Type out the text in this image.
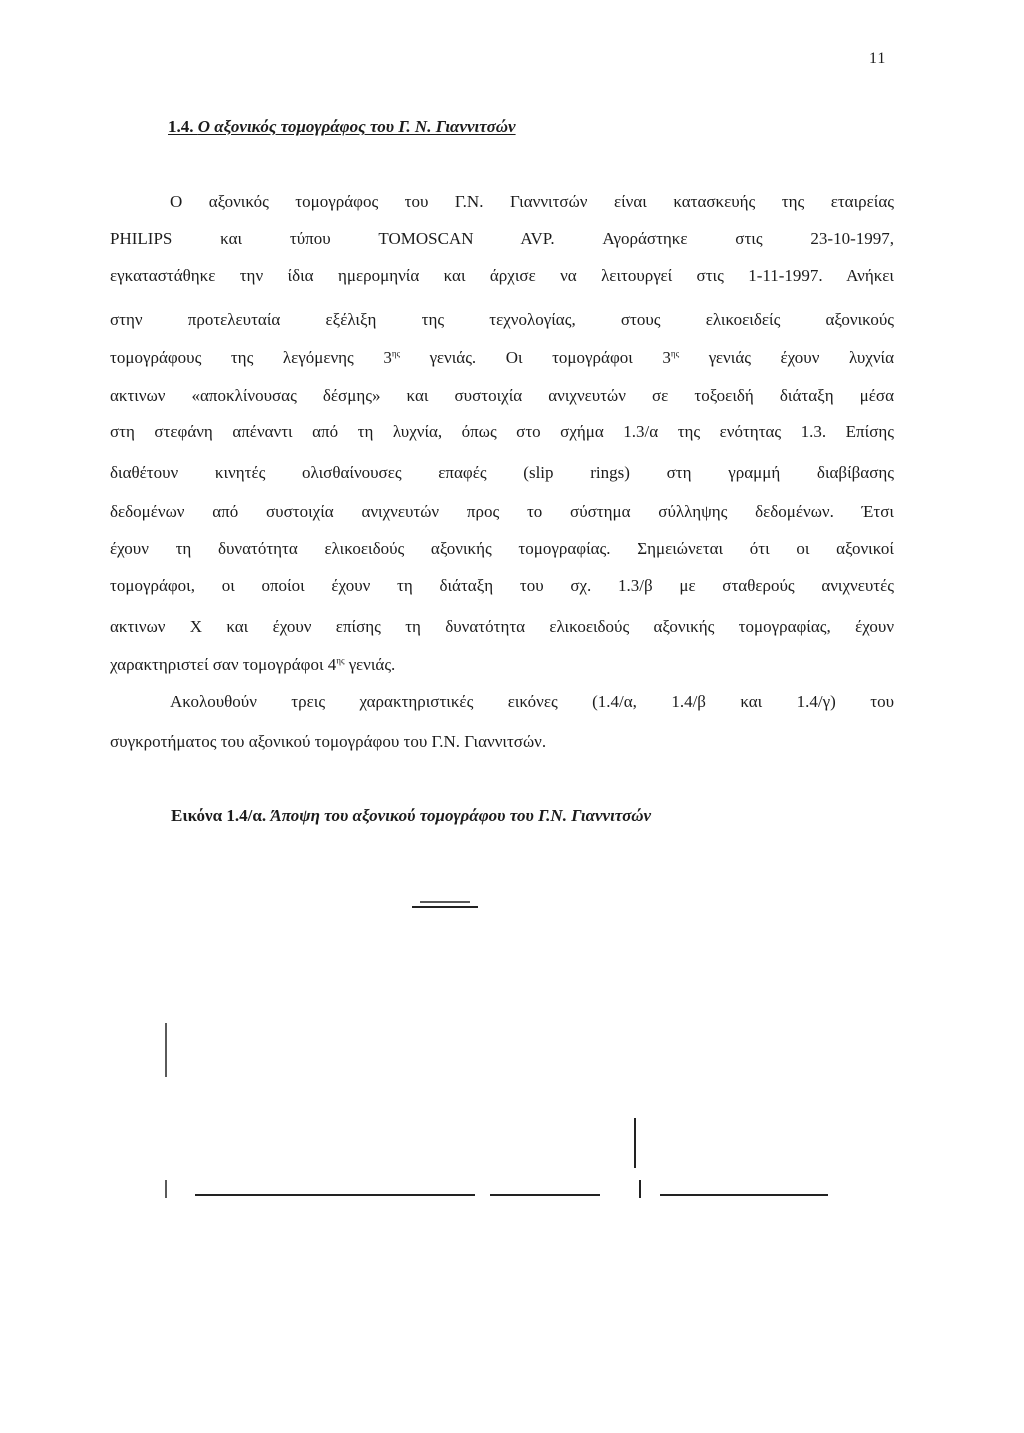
11
1.4. Ο αξονικός τομογράφος του Γ. Ν. Γιαννιτσών
Ο αξονικός τομογράφος του Γ.Ν. Γιαννιτσών είναι κατασκευής της εταιρείας
PHILIPS και τύπου TOMOSCAN AVP. Αγοράστηκε στις 23-10-1997,
εγκαταστάθηκε την ίδια ημερομηνία και άρχισε να λειτουργεί στις 1-11-1997. Ανήκει
στην προτελευταία εξέλιξη της τεχνολογίας, στους ελικοειδείς αξονικούς
τομογράφους της λεγόμενης $3^{\eta\varsigma}$ γενιάς. Οι τομογράφοι $3^{\eta\varsigma}$ γενιάς έχουν λυχνία
ακτινων «αποκλίνουσας δέσμης» και συστοιχία ανιχνευτών σε τοξοειδή διάταξη μέσα
στη στεφάνη απέναντι από τη λυχνία, όπως στο σχήμα 1.3/α της ενότητας 1.3. Επίσης
διαθέτουν κινητές ολισθαίνουσες επαφές (slip rings) στη γραμμή διαβίβασης
δεδομένων από συστοιχία ανιχνευτών προς το σύστημα σύλληψης δεδομένων. Έτσι
έχουν τη δυνατότητα ελικοειδούς αξονικής τομογραφίας. Σημειώνεται ότι οι αξονικοί
τομογράφοι, οι οποίοι έχουν τη διάταξη του σχ. 1.3/β με σταθερούς ανιχνευτές
ακτινων Χ και έχουν επίσης τη δυνατότητα ελικοειδούς αξονικής τομογραφίας, έχουν
χαρακτηριστεί σαν τομογράφοι $4^{\eta\varsigma}$ γενιάς.
Ακολουθούν τρεις χαρακτηριστικές εικόνες (1.4/α, 1.4/β και 1.4/γ) του
συγκροτήματος του αξονικού τομογράφου του Γ.Ν. Γιαννιτσών.
Εικόνα 1.4/α. Άποψη του αξονικού τομογράφου του Γ.Ν. Γιαννιτσών
